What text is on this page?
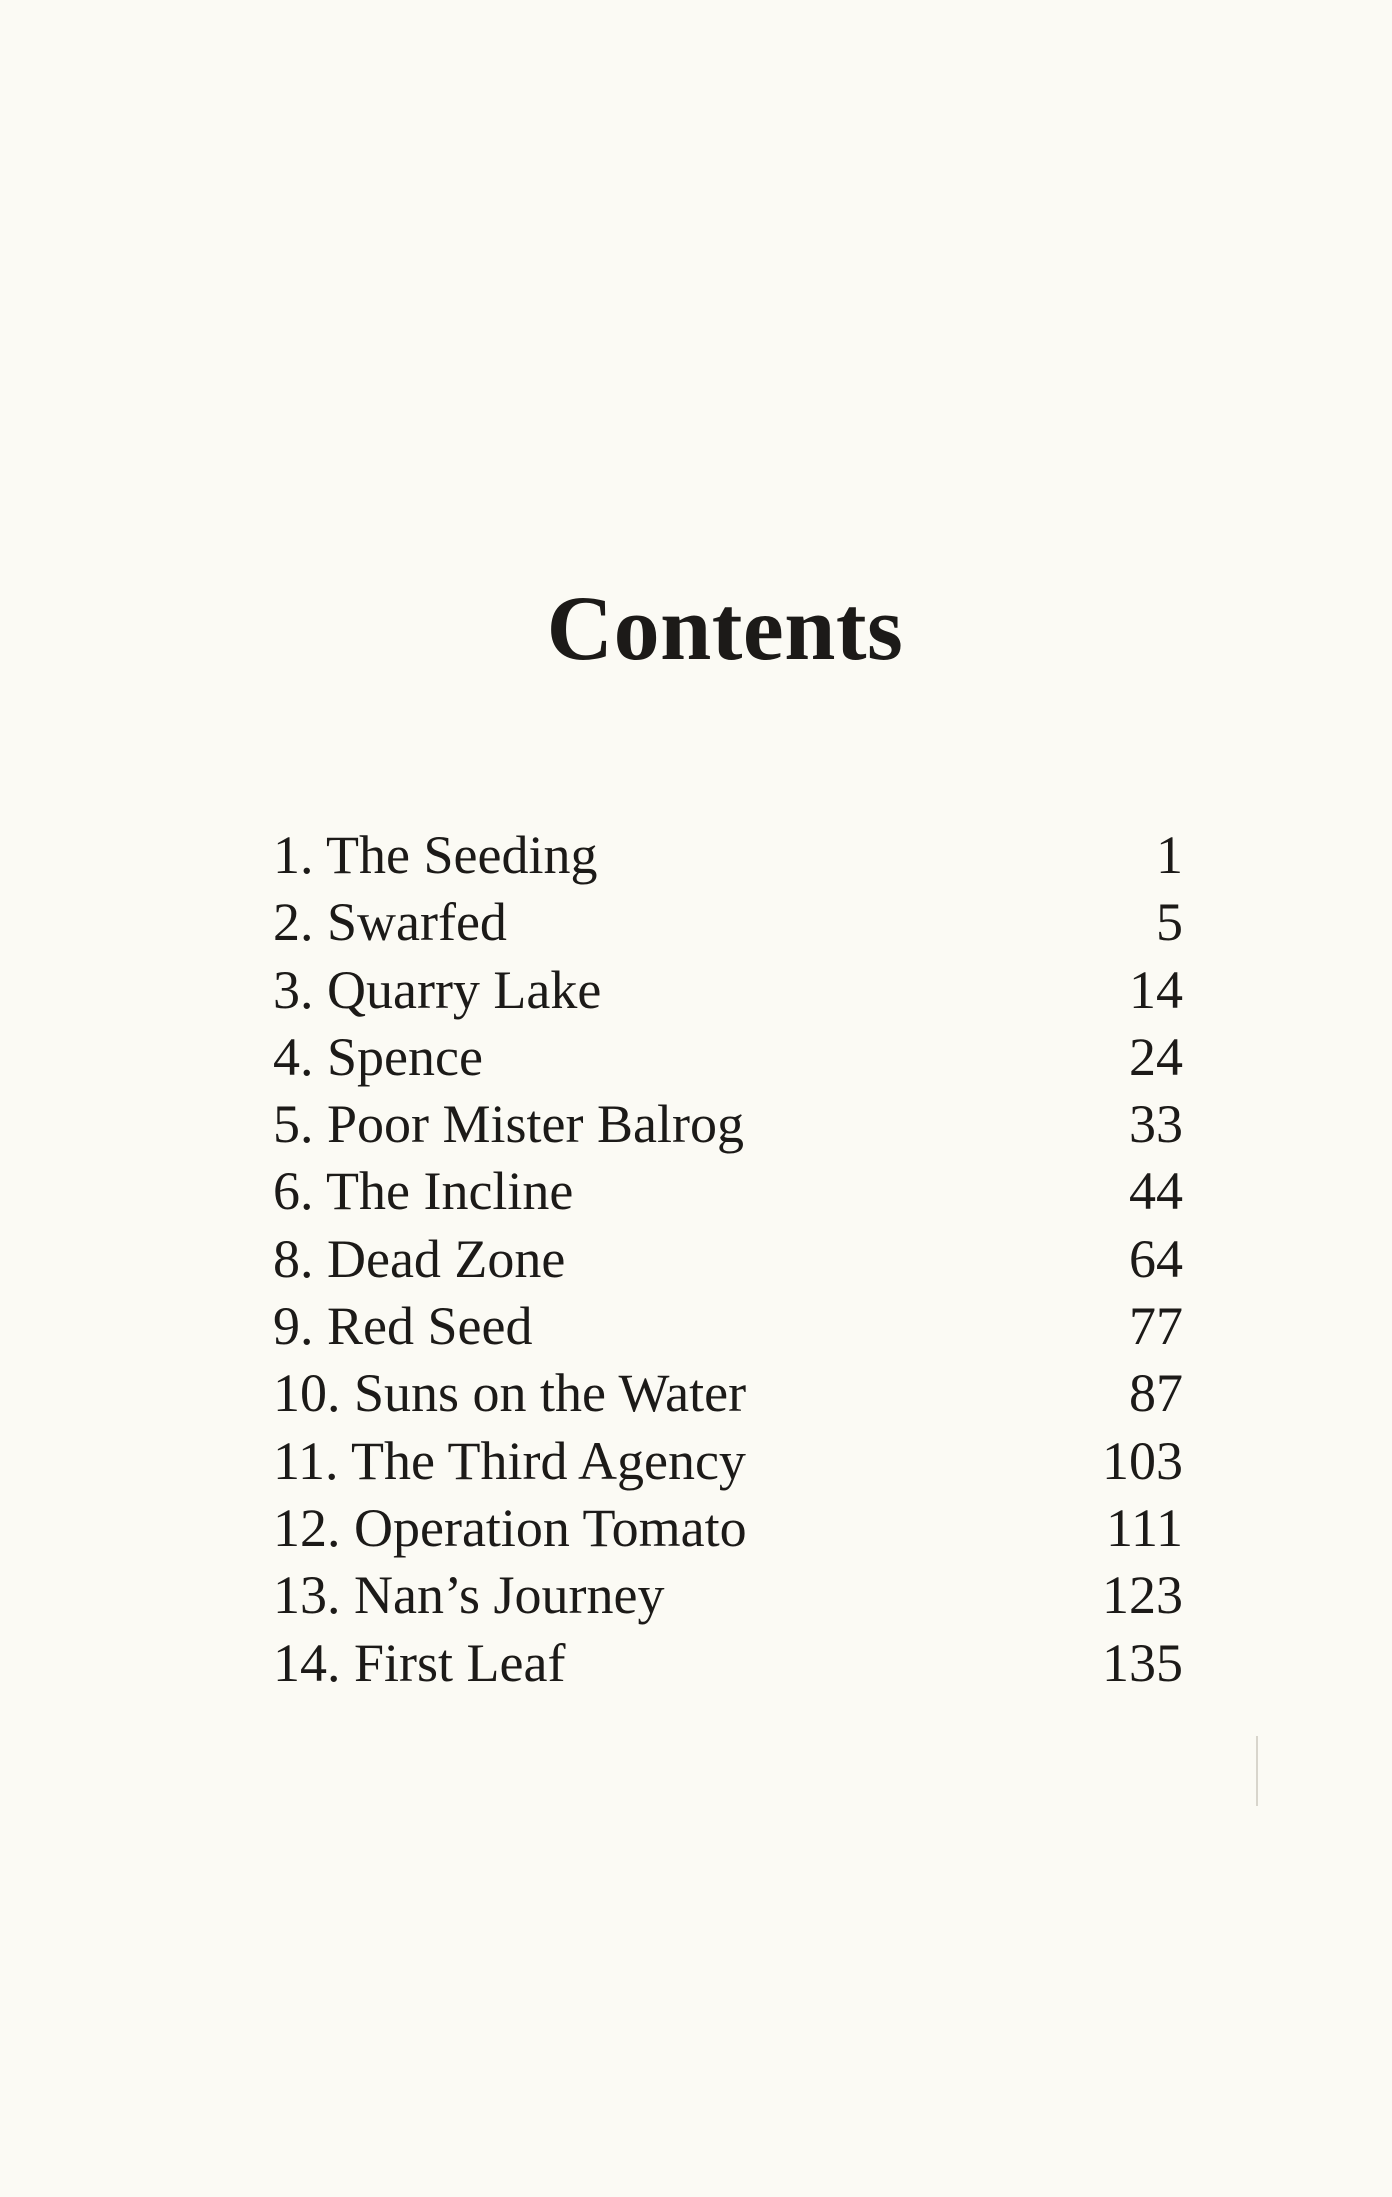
Contents
1. The Seeding	1
2. Swarfed	5
3. Quarry Lake	14
4. Spence	24
5. Poor Mister Balrog	33
6. The Incline	44
8. Dead Zone	64
9. Red Seed	77
10. Suns on the Water	87
11. The Third Agency	103
12. Operation Tomato	111
13. Nan’s Journey	123
14. First Leaf	135
